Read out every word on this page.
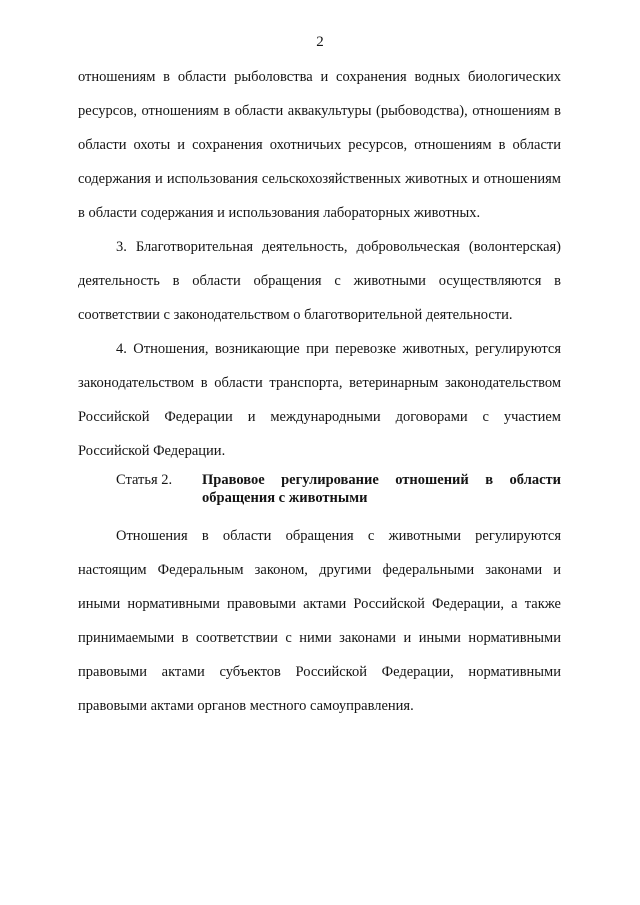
2

отношениям в области рыболовства и сохранения водных биологических ресурсов, отношениям в области аквакультуры (рыбоводства), отношениям в области охоты и сохранения охотничьих ресурсов, отношениям в области содержания и использования сельскохозяйственных животных и отношениям в области содержания и использования лабораторных животных.

3. Благотворительная деятельность, добровольческая (волонтерская) деятельность в области обращения с животными осуществляются в соответствии с законодательством о благотворительной деятельности.

4. Отношения, возникающие при перевозке животных, регулируются законодательством в области транспорта, ветеринарным законодательством Российской Федерации и международными договорами с участием Российской Федерации.

Статья 2.	Правовое регулирование отношений в области обращения с животными

Отношения в области обращения с животными регулируются настоящим Федеральным законом, другими федеральными законами и иными нормативными правовыми актами Российской Федерации, а также принимаемыми в соответствии с ними законами и иными нормативными правовыми актами субъектов Российской Федерации, нормативными правовыми актами органов местного самоуправления.
